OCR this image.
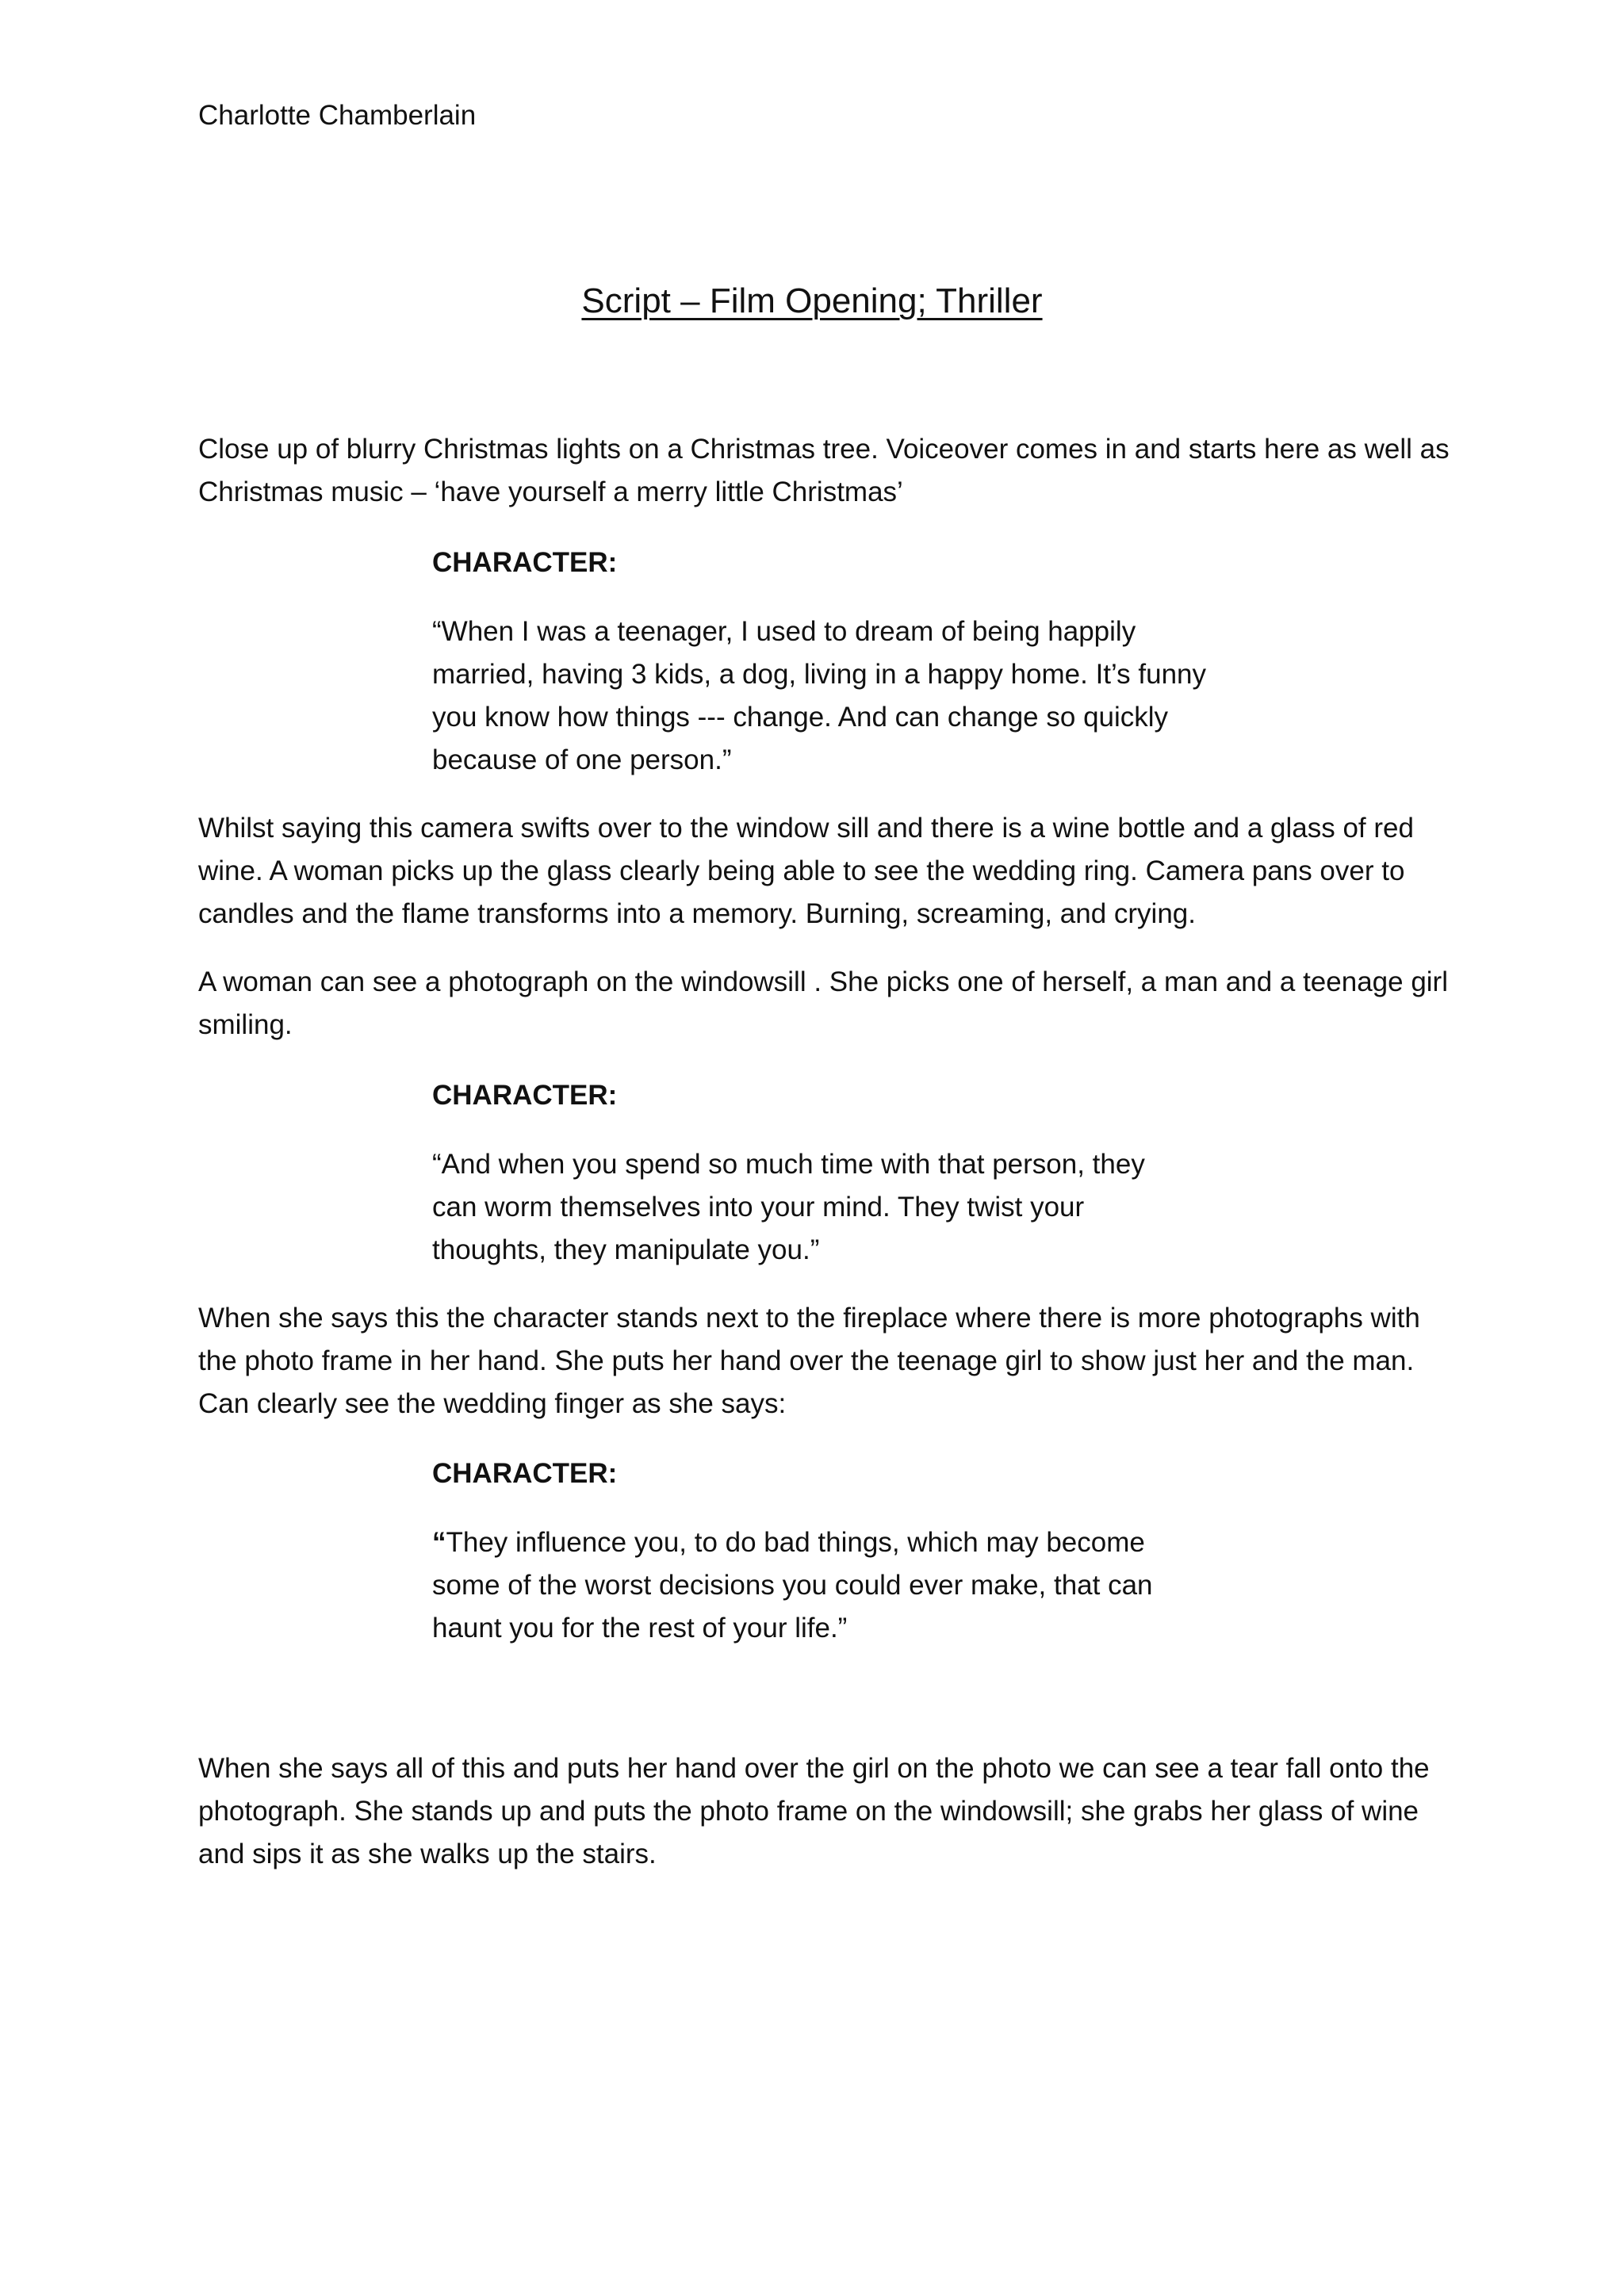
Charlotte Chamberlain
Script – Film Opening; Thriller
Close up of blurry Christmas lights on a Christmas tree. Voiceover comes in and starts here as well as
Christmas music – ‘have yourself a merry little Christmas’
CHARACTER:
“When I was a teenager, I used to dream of being happily
married, having 3 kids, a dog, living in a happy home. It’s funny
you know how things --- change. And can change so quickly
because of one person.”
Whilst saying this camera swifts over to the window sill and there is a wine bottle and a glass of red
wine. A woman picks up the glass clearly being able to see the wedding ring. Camera pans over to
candles and the flame transforms into a memory. Burning, screaming, and crying.
A woman can see a photograph on the windowsill . She picks one of herself, a man and a teenage girl
smiling.
CHARACTER:
“And when you spend so much time with that person, they
can worm themselves into your mind. They twist your
thoughts, they manipulate you.”
When she says this the character stands next to the fireplace where there is more photographs with
the photo frame in her hand. She puts her hand over the teenage girl to show just her and the man.
Can clearly see the wedding finger as she says:
CHARACTER:
“They influence you, to do bad things, which may become
some of the worst decisions you could ever make, that can
haunt you for the rest of your life.”
When she says all of this and puts her hand over the girl on the photo we can see a tear fall onto the
photograph. She stands up and puts the photo frame on the windowsill; she grabs her glass of wine
and sips it as she walks up the stairs.
